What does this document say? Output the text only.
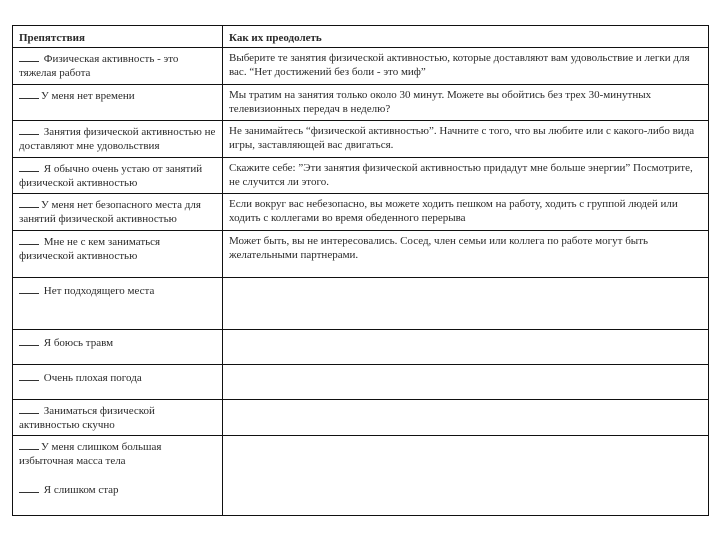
Препятствия	Как их преодолеть
Физическая активность - это тяжелая работа	Выберите те занятия физической активностью, которые доставляют вам удовольствие и легки для вас. “Нет достижений без боли - это миф”
У меня нет времени	Мы тратим на занятия только около 30 минут. Можете вы обойтись без трех 30-минутных телевизионных передач в неделю?
Занятия физической активностью не доставляют мне удовольствия	Не занимайтесь “физической активностью”. Начните с того, что вы любите или с какого-либо вида игры, заставляющей вас двигаться.
Я обычно очень устаю от занятий физической активностью	Скажите себе: ”Эти занятия физической активностью придадут мне больше энергии” Посмотрите, не случится ли этого.
У меня нет безопасного места для занятий физической активностью	Если вокруг вас небезопасно, вы можете ходить пешком на работу, ходить с группой людей или ходить с коллегами во время обеденного перерыва
Мне не с кем заниматься физической активностью	Может быть, вы не интересовались. Сосед, член семьи или коллега по работе могут быть желательными партнерами.
Нет подходящего места	
Я боюсь травм	
Очень плохая погода	
Заниматься физической активностью скучно	
У меня слишком большая избыточная масса тела
Я слишком стар	
